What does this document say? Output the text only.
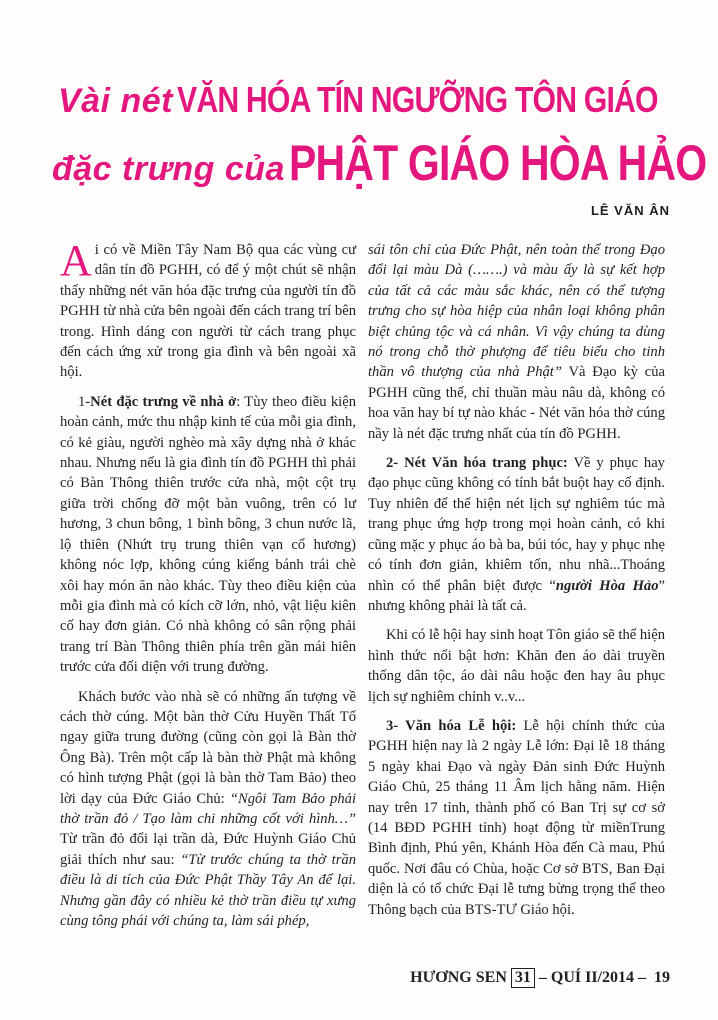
Vài nét VĂN HÓA TÍN NGƯỠNG TÔN GIÁO
đặc trưng của PHẬT GIÁO HÒA HẢO
LÊ VĂN ÂN

Ai có về Miền Tây Nam Bộ qua các vùng cư dân tín đồ PGHH, có để ý một chút sẽ nhận thấy những nét văn hóa đặc trưng của người tín đồ PGHH từ nhà cửa bên ngoài đến cách trang trí bên trong. Hình dáng con người từ cách trang phục đến cách ứng xử trong gia đình và bên ngoài xã hội.

1-Nét đặc trưng về nhà ở: Tùy theo điều kiện hoàn cảnh, mức thu nhập kinh tế của mỗi gia đình, có kẻ giàu, người nghèo mà xây dựng nhà ở khác nhau. Nhưng nếu là gia đình tín đồ PGHH thì phải có Bàn Thông thiên trước cửa nhà, một cột trụ giữa trời chống đỡ một bàn vuông, trên có lư hương, 3 chun bông, 1 bình bông, 3 chun nước lã, lộ thiên (Nhứt trụ trung thiên vạn cổ hương) không nóc lợp, không cúng kiếng bánh trái chè xôi hay món ăn nào khác. Tùy theo điều kiện của mỗi gia đình mà có kích cỡ lớn, nhỏ, vật liệu kiên cố hay đơn giản. Có nhà không có sân rộng phải trang trí Bàn Thông thiên phía trên gần mái hiên trước cửa đối diện với trung đường.

Khách bước vào nhà sẽ có những ấn tượng về cách thờ cúng. Một bàn thờ Cửu Huyền Thất Tổ ngay giữa trung đường (cũng còn gọi là Bàn thờ Ông Bà). Trên một cấp là bàn thờ Phật mà không có hình tượng Phật (gọi là bàn thờ Tam Bảo) theo lời dạy của Đức Giáo Chủ: “Ngôi Tam Bảo phải thờ trần đỏ / Tạo làm chi những cốt với hình…” Từ trần đỏ đổi lại trần dà, Đức Huỳnh Giáo Chủ giải thích như sau: “Từ trước chúng ta thờ trần điều là di tích của Đức Phật Thầy Tây An để lại. Nhưng gần đây có nhiều kẻ thờ trần điều tự xưng cùng tông phái với chúng ta, làm sái phép,

sái tôn chỉ của Đức Phật, nên toàn thể trong Đạo đổi lại màu Dà (…….) và màu ấy là sự kết hợp của tất cả các màu sắc khác, nên có thể tượng trưng cho sự hòa hiệp của nhân loại không phân biệt chủng tộc và cá nhân. Vì vậy chúng ta dùng nó trong chỗ thờ phượng để tiêu biểu cho tinh thần vô thượng của nhà Phật” Và Đạo kỳ của PGHH cũng thế, chỉ thuần màu nâu dà, không có hoa văn hay bí tự nào khác - Nét văn hóa thờ cúng nầy là nét đặc trưng nhất của tín đồ PGHH.

2- Nét Văn hóa trang phục: Về y phục hay đạo phục cũng không có tính bắt buột hay cố định. Tuy nhiên để thể hiện nét lịch sự nghiêm túc mà trang phục ứng hợp trong mọi hoàn cảnh, có khi cũng mặc y phục áo bà ba, búi tóc, hay y phục nhẹ có tính đơn giản, khiêm tốn, nhu nhã...Thoáng nhìn có thể phân biệt được “người Hòa Hảo” nhưng không phải là tất cả.

Khi có lễ hội hay sinh hoạt Tôn giáo sẽ thể hiện hình thức nổi bật hơn: Khăn đen áo dài truyền thống dân tộc, áo dài nâu hoặc đen hay âu phục lịch sự nghiêm chỉnh v..v...

3- Văn hóa Lễ hội: Lễ hội chính thức của PGHH hiện nay là 2 ngày Lễ lớn: Đại lễ 18 tháng 5 ngày khai Đạo và ngày Đản sinh Đức Huỳnh Giáo Chủ, 25 tháng 11 Âm lịch hằng năm. Hiện nay trên 17 tỉnh, thành phố có Ban Trị sự cơ sở (14 BĐD PGHH tỉnh) hoạt động từ miềnTrung Bình định, Phú yên, Khánh Hòa đến Cà mau, Phú quốc. Nơi đâu có Chùa, hoặc Cơ sở BTS, Ban Đại diện là có tổ chức Đại lễ tưng bừng trọng thể theo Thông bạch của BTS-TƯ Giáo hội.

HƯƠNG SEN 31 – QUÍ II/2014 – 19
